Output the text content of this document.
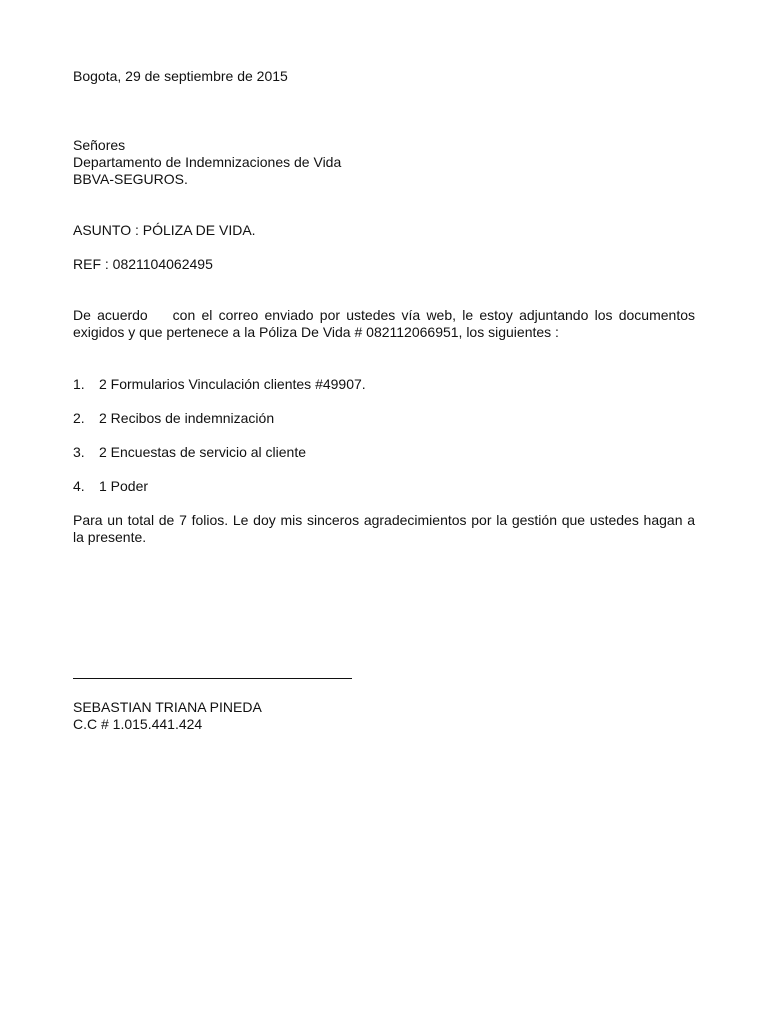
Bogota, 29 de septiembre de 2015
Señores
Departamento de Indemnizaciones de Vida
BBVA-SEGUROS.
ASUNTO : PÓLIZA DE VIDA.
REF : 0821104062495
De acuerdo    con el correo enviado por ustedes vía web, le estoy adjuntando los documentos exigidos y que pertenece a la Póliza De Vida # 082112066951, los siguientes :
1. 2 Formularios Vinculación clientes #49907.
2. 2 Recibos de indemnización
3. 2 Encuestas de servicio al cliente
4. 1 Poder
Para un total de 7 folios. Le doy mis sinceros agradecimientos por la gestión que ustedes hagan a la presente.
SEBASTIAN TRIANA PINEDA
C.C # 1.015.441.424
